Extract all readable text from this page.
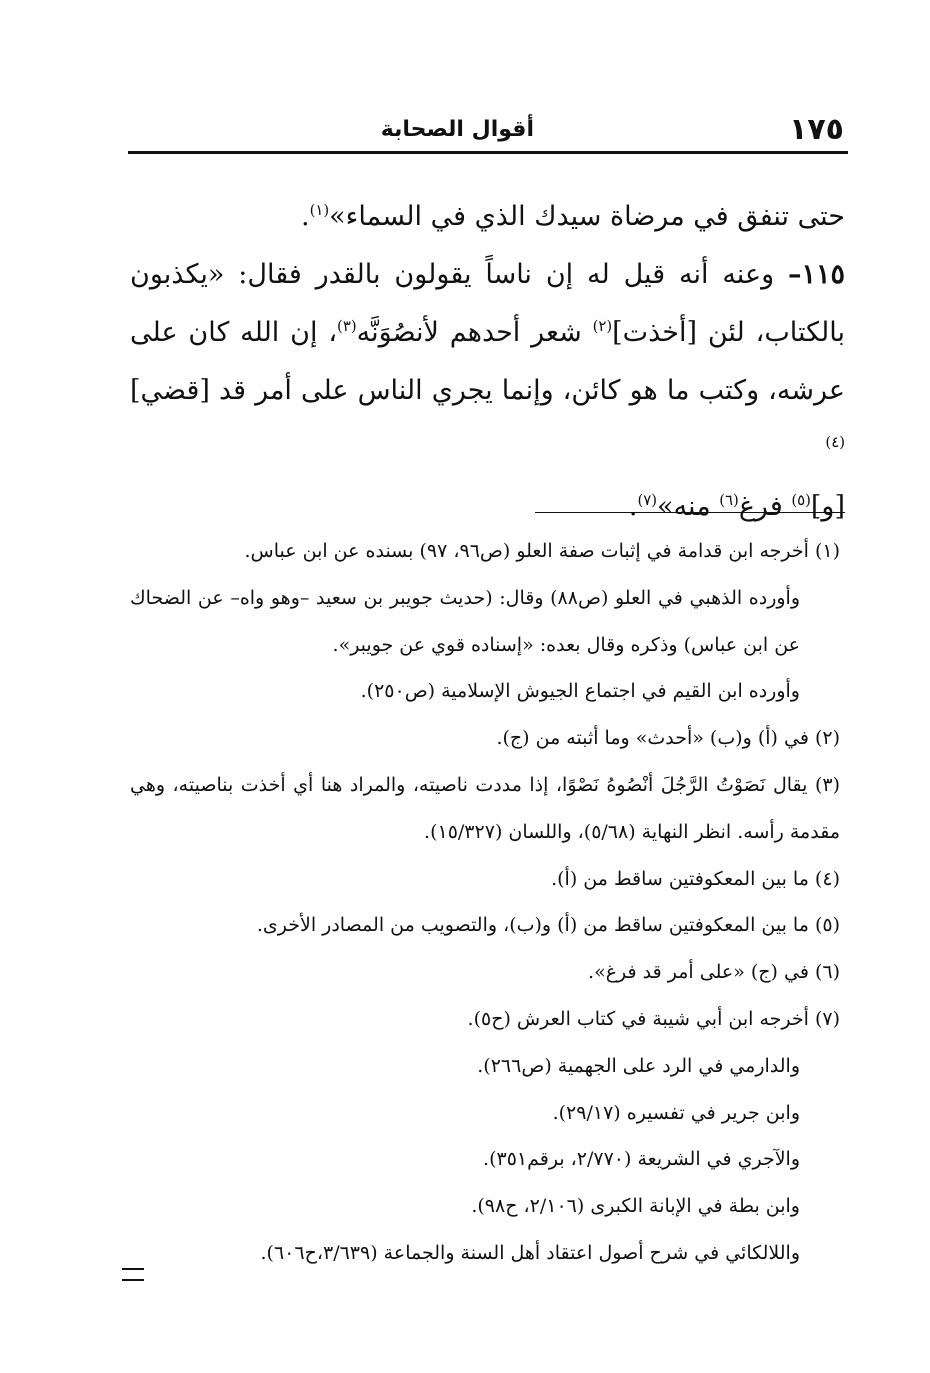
١٧٥
أقوال الصحابة

حتى تنفق في مرضاة سيدك الذي في السماء»$^{(١)}$.

١١٥– وعنه أنه قيل له إن ناساً يقولون بالقدر فقال: «يكذبون بالكتاب، لئن [أخذت]$^{(٢)}$ شعر أحدهم لأنصُوَنَّه$^{(٣)}$، إن الله كان على عرشه، وكتب ما هو كائن، وإنما يجري الناس على أمر قد [قضي]$^{(٤)}$

[و]$^{(٥)}$ فرغ$^{(٦)}$ منه»$^{(٧)}$.

(١) أخرجه ابن قدامة في إثبات صفة العلو (ص٩٦، ٩٧) بسنده عن ابن عباس.

وأورده الذهبي في العلو (ص٨٨) وقال: (حديث جويبر بن سعيد –وهو واه– عن الضحاك عن ابن عباس) وذكره وقال بعده: «إسناده قوي عن جويبر».

وأورده ابن القيم في اجتماع الجيوش الإسلامية (ص٢٥٠).

(٢) في (أ) و(ب) «أحدث» وما أثبته من (ج).

(٣) يقال نَصَوْتُ الرَّجُلَ أنْصُوهُ نَصْوًا، إذا مددت ناصيته، والمراد هنا أي أخذت بناصيته، وهي مقدمة رأسه. انظر النهاية (٥/٦٨)، واللسان (١٥/٣٢٧).

(٤) ما بين المعكوفتين ساقط من (أ).

(٥) ما بين المعكوفتين ساقط من (أ) و(ب)، والتصويب من المصادر الأخرى.

(٦) في (ج) «على أمر قد فرغ».

(٧) أخرجه ابن أبي شيبة في كتاب العرش (ح٥).

والدارمي في الرد على الجهمية (ص٢٦٦).

وابن جرير في تفسيره (٢٩/١٧).

والآجري في الشريعة (٢/٧٧٠، برقم٣٥١).

وابن بطة في الإبانة الكبرى (٢/١٠٦، ح٩٨).

واللالكائي في شرح أصول اعتقاد أهل السنة والجماعة (٣/٦٣٩،ح٦٠٦).
